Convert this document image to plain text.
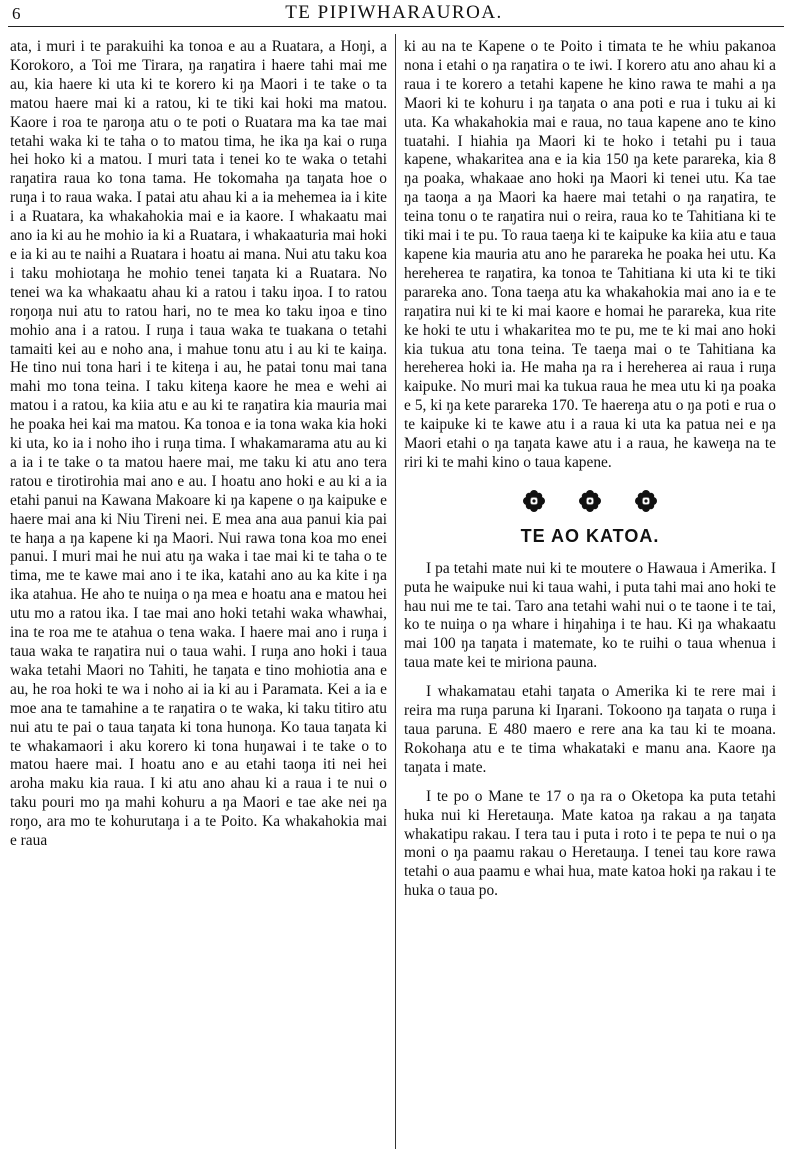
6	TE PIPIWHARAUROA.

ata, i muri i te parakuihi ka tonoa e au a Ruatara, a Hoŋi, a Korokoro, a Toi me Tirara, ŋa raŋatira i haere tahi mai me au, kia haere ki uta ki te korero ki ŋa Maori i te take o ta matou haere mai ki a ratou, ki te tiki kai hoki ma matou. Kaore i roa te ŋaroŋa atu o te poti o Ruatara ma ka tae mai tetahi waka ki te taha o to matou tima, he ika ŋa kai o ruŋa hei hoko ki a matou. I muri tata i tenei ko te waka o tetahi raŋatira raua ko tona tama. He tokomaha ŋa taŋata hoe o ruŋa i to raua waka. I patai atu ahau ki a ia mehemea ia i kite i a Ruatara, ka whakahokia mai e ia kaore. I whakaatu mai ano ia ki au he mohio ia ki a Ruatara, i whakaaturia mai hoki e ia ki au te naihi a Ruatara i hoatu ai mana. Nui atu taku koa i taku mohiotaŋa he mohio tenei taŋata ki a Ruatara. No tenei wa ka whakaatu ahau ki a ratou i taku iŋoa. I to ratou roŋoŋa nui atu to ratou hari, no te mea ko taku iŋoa e tino mohio ana i a ratou. I ruŋa i taua waka te tuakana o tetahi tamaiti kei au e noho ana, i mahue tonu atu i au ki te kaiŋa. He tino nui tona hari i te kiteŋa i au, he patai tonu mai tana mahi mo tona teina. I taku kiteŋa kaore he mea e wehi ai matou i a ratou, ka kiia atu e au ki te raŋatira kia mauria mai he poaka hei kai ma matou. Ka tonoa e ia tona waka kia hoki ki uta, ko ia i noho iho i ruŋa tima. I whakamarama atu au ki a ia i te take o ta matou haere mai, me taku ki atu ano tera ratou e tirotirohia mai ano e au. I hoatu ano hoki e au ki a ia etahi panui na Kawana Makoare ki ŋa kapene o ŋa kaipuke e haere mai ana ki Niu Tireni nei. E mea ana aua panui kia pai te haŋa a ŋa kapene ki ŋa Maori. Nui rawa tona koa mo enei panui. I muri mai he nui atu ŋa waka i tae mai ki te taha o te tima, me te kawe mai ano i te ika, katahi ano au ka kite i ŋa ika atahua. He aho te nuiŋa o ŋa mea e hoatu ana e matou hei utu mo a ratou ika. I tae mai ano hoki tetahi waka whawhai, ina te roa me te atahua o tena waka. I haere mai ano i ruŋa i taua waka te raŋatira nui o taua wahi. I ruŋa ano hoki i taua waka tetahi Maori no Tahiti, he taŋata e tino mohiotia ana e au, he roa hoki te wa i noho ai ia ki au i Paramata. Kei a ia e moe ana te tamahine a te raŋatira o te waka, ki taku titiro atu nui atu te pai o taua taŋata ki tona hunoŋa. Ko taua taŋata ki te whakamaori i aku korero ki tona huŋawai i te take o to matou haere mai. I hoatu ano e au etahi taoŋa iti nei hei aroha maku kia raua. I ki atu ano ahau ki a raua i te nui o taku pouri mo ŋa mahi kohuru a ŋa Maori e tae ake nei ŋa roŋo, ara mo te kohurutaŋa i a te Poito. Ka whakahokia mai e raua

ki au na te Kapene o te Poito i timata te he whiu pakanoa nona i etahi o ŋa raŋatira o te iwi. I korero atu ano ahau ki a raua i te korero a tetahi kapene he kino rawa te mahi a ŋa Maori ki te kohuru i ŋa taŋata o ana poti e rua i tuku ai ki uta. Ka whakahokia mai e raua, no taua kapene ano te kino tuatahi. I hiahia ŋa Maori ki te hoko i tetahi pu i taua kapene, whakaritea ana e ia kia 150 ŋa kete parareka, kia 8 ŋa poaka, whakaae ano hoki ŋa Maori ki tenei utu. Ka tae ŋa taoŋa a ŋa Maori ka haere mai tetahi o ŋa raŋatira, te teina tonu o te raŋatira nui o reira, raua ko te Tahitiana ki te tiki mai i te pu. To raua taeŋa ki te kaipuke ka kiia atu e taua kapene kia mauria atu ano he parareka he poaka hei utu. Ka hereherea te raŋatira, ka tonoa te Tahitiana ki uta ki te tiki parareka ano. Tona taeŋa atu ka whakahokia mai ano ia e te raŋatira nui ki te ki mai kaore e homai he parareka, kua rite ke hoki te utu i whakaritea mo te pu, me te ki mai ano hoki kia tukua atu tona teina. Te taeŋa mai o te Tahitiana ka hereherea hoki ia. He maha ŋa ra i hereherea ai raua i ruŋa kaipuke. No muri mai ka tukua raua he mea utu ki ŋa poaka e 5, ki ŋa kete parareka 170. Te haereŋa atu o ŋa poti e rua o te kaipuke ki te kawe atu i a raua ki uta ka patua nei e ŋa Maori etahi o ŋa taŋata kawe atu i a raua, he kaweŋa na te riri ki te mahi kino o taua kapene.

TE AO KATOA.

I pa tetahi mate nui ki te moutere o Hawaua i Amerika. I puta he waipuke nui ki taua wahi, i puta tahi mai ano hoki te hau nui me te tai. Taro ana tetahi wahi nui o te taone i te tai, ko te nuiŋa o ŋa whare i hiŋahiŋa i te hau. Ki ŋa whakaatu mai 100 ŋa taŋata i matemate, ko te ruihi o taua whenua i taua mate kei te miriona pauna.

I whakamatau etahi taŋata o Amerika ki te rere mai i reira ma ruŋa paruna ki Iŋarani. Tokoono ŋa taŋata o ruŋa i taua paruna. E 480 maero e rere ana ka tau ki te moana. Rokohaŋa atu e te tima whakataki e manu ana. Kaore ŋa taŋata i mate.

I te po o Mane te 17 o ŋa ra o Oketopa ka puta tetahi huka nui ki Heretauŋa. Mate katoa ŋa rakau a ŋa taŋata whakatipu rakau. I tera tau i puta i roto i te pepa te nui o ŋa moni o ŋa paamu rakau o Heretauŋa. I tenei tau kore rawa tetahi o aua paamu e whai hua, mate katoa hoki ŋa rakau i te huka o taua po.
